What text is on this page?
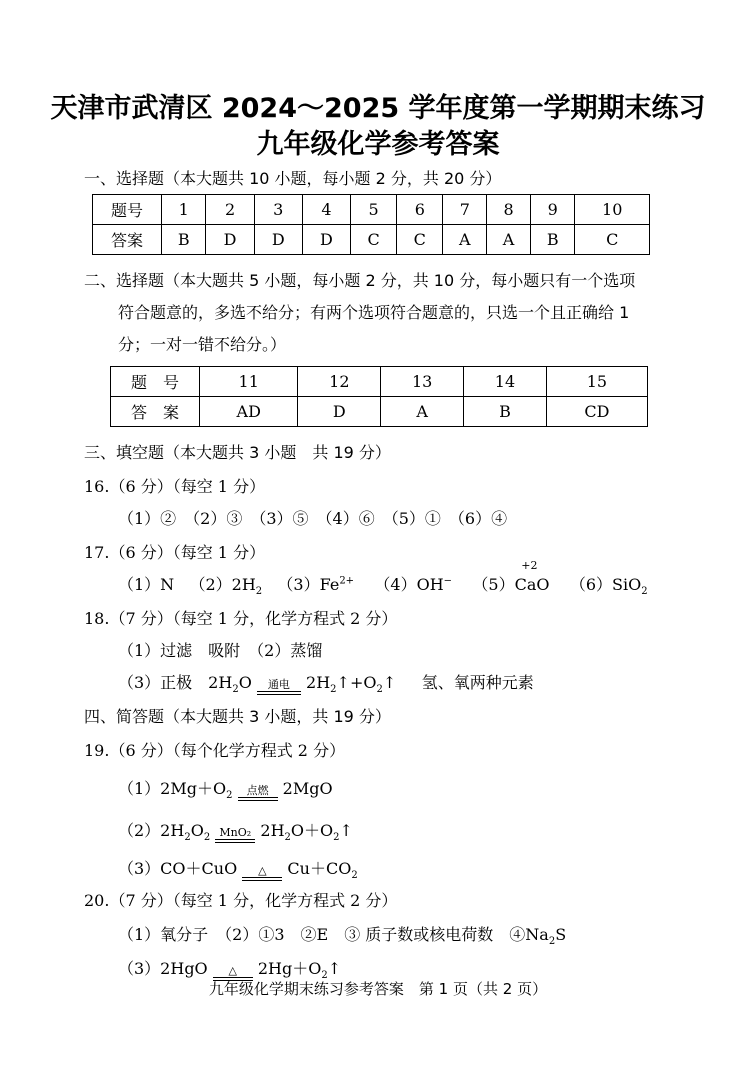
天津市武清区 2024～2025 学年度第一学期期末练习
九年级化学参考答案
一、选择题（本大题共 10 小题，每小题 2 分，共 20 分）
题号	1	2	3	4	5	6	7	8	9	10
答案	B	D	D	D	C	C	A	A	B	C
二、选择题（本大题共 5 小题，每小题 2 分，共 10 分，每小题只有一个选项
符合题意的，多选不给分；有两个选项符合题意的，只选一个且正确给 1
分；一对一错不给分。）
题　号	11	12	13	14	15
答　案	AD	D	A	B	CD
三、填空题（本大题共 3 小题　共 19 分）
16.（6 分）（每空 1 分）
（1）②　（2）③　（3）⑤　（4）⑥　（5）①　（6）④
17.（6 分）（每空 1 分）
（1）N $(2)2H_2$ $(3)Fe^{2+}$ （4）OH− （5）CaO
+2
（6）SiO$_2$
18.（7 分）（每空 1 分，化学方程式 2 分）
（1）过滤　吸附　（2）蒸馏
（3）正极　$2H_2O$	通电	$2H_2↑+O_2↑$ 氢、氧两种元素
四、简答题（本大题共 3 小题，共 19 分）
19.（6 分）（每个化学方程式 2 分）
$(1)2Mg+O_2$	点燃 2MgO
$(2)2H_2O_2$ MnO₂ $2H_2O+O_2↑$
（3）CO＋CuO	△	$Cu+CO_2$
20.（7 分）（每空 1 分，化学方程式 2 分）
（1）氧分子　（2）①3　②E　③ 质子数或核电荷数　$④Na_2S$
（3）2HgO	△	$2Hg+O_2↑$
九年级化学期末练习参考答案　第 1 页（共 2 页）
